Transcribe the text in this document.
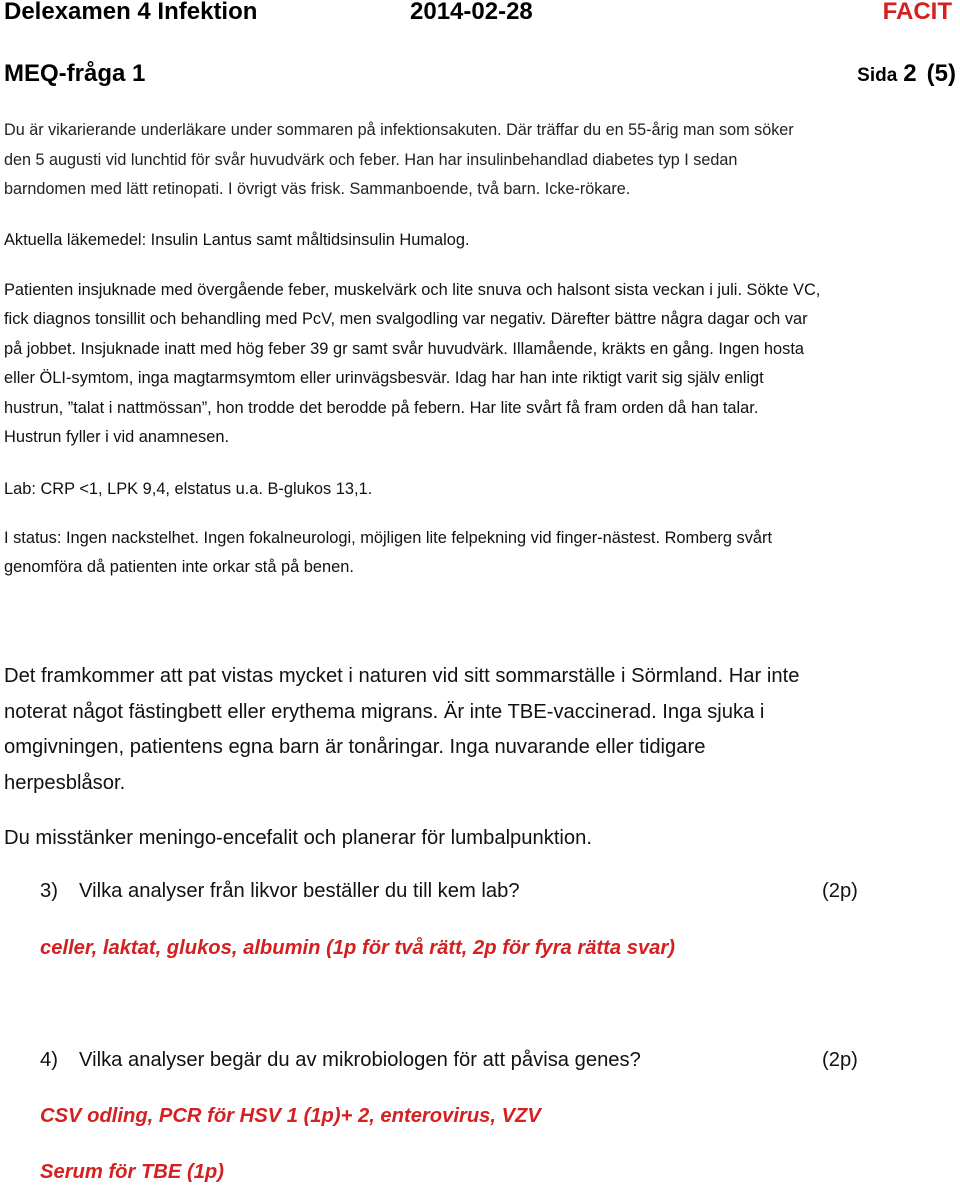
Delexamen 4 Infektion	2014-02-28	FACIT
MEQ-fråga 1	Sida 2 (5)
Du är vikarierande underläkare under sommaren på infektionsakuten. Där träffar du en 55-årig man som söker
den 5 augusti vid lunchtid för svår huvudvärk och feber. Han har insulinbehandlad diabetes typ I sedan
barndomen med lätt retinopati. I övrigt väs frisk. Sammanboende, två barn. Icke-rökare.
Aktuella läkemedel: Insulin Lantus samt måltidsinsulin Humalog.
Patienten insjuknade med övergående feber, muskelvärk och lite snuva och halsont sista veckan i juli. Sökte VC,
fick diagnos tonsillit och behandling med PcV, men svalgodling var negativ. Därefter bättre några dagar och var
på jobbet. Insjuknade inatt med hög feber 39 gr samt svår huvudvärk. Illamående, kräkts en gång. Ingen hosta
eller ÖLI-symtom, inga magtarmsymtom eller urinvägsbesvär. Idag har han inte riktigt varit sig själv enligt
hustrun, ”talat i nattmössan”, hon trodde det berodde på febern. Har lite svårt få fram orden då han talar.
Hustrun fyller i vid anamnesen.
Lab: CRP <1, LPK 9,4, elstatus u.a. B-glukos 13,1.
I status: Ingen nackstelhet. Ingen fokalneurologi, möjligen lite felpekning vid finger-nästest. Romberg svårt
genomföra då patienten inte orkar stå på benen.
Det framkommer att pat vistas mycket i naturen vid sitt sommarställe i Sörmland. Har inte
noterat något fästingbett eller erythema migrans. Är inte TBE-vaccinerad. Inga sjuka i
omgivningen, patientens egna barn är tonåringar. Inga nuvarande eller tidigare
herpesblåsor.
Du misstänker meningo-encefalit och planerar för lumbalpunktion.
3) Vilka analyser från likvor beställer du till kem lab?	(2p)
celler, laktat, glukos, albumin (1p för två rätt, 2p för fyra rätta svar)
4) Vilka analyser begär du av mikrobiologen för att påvisa genes?	(2p)
CSV odling, PCR för HSV 1 (1p)+ 2, enterovirus, VZV
Serum för TBE (1p)
